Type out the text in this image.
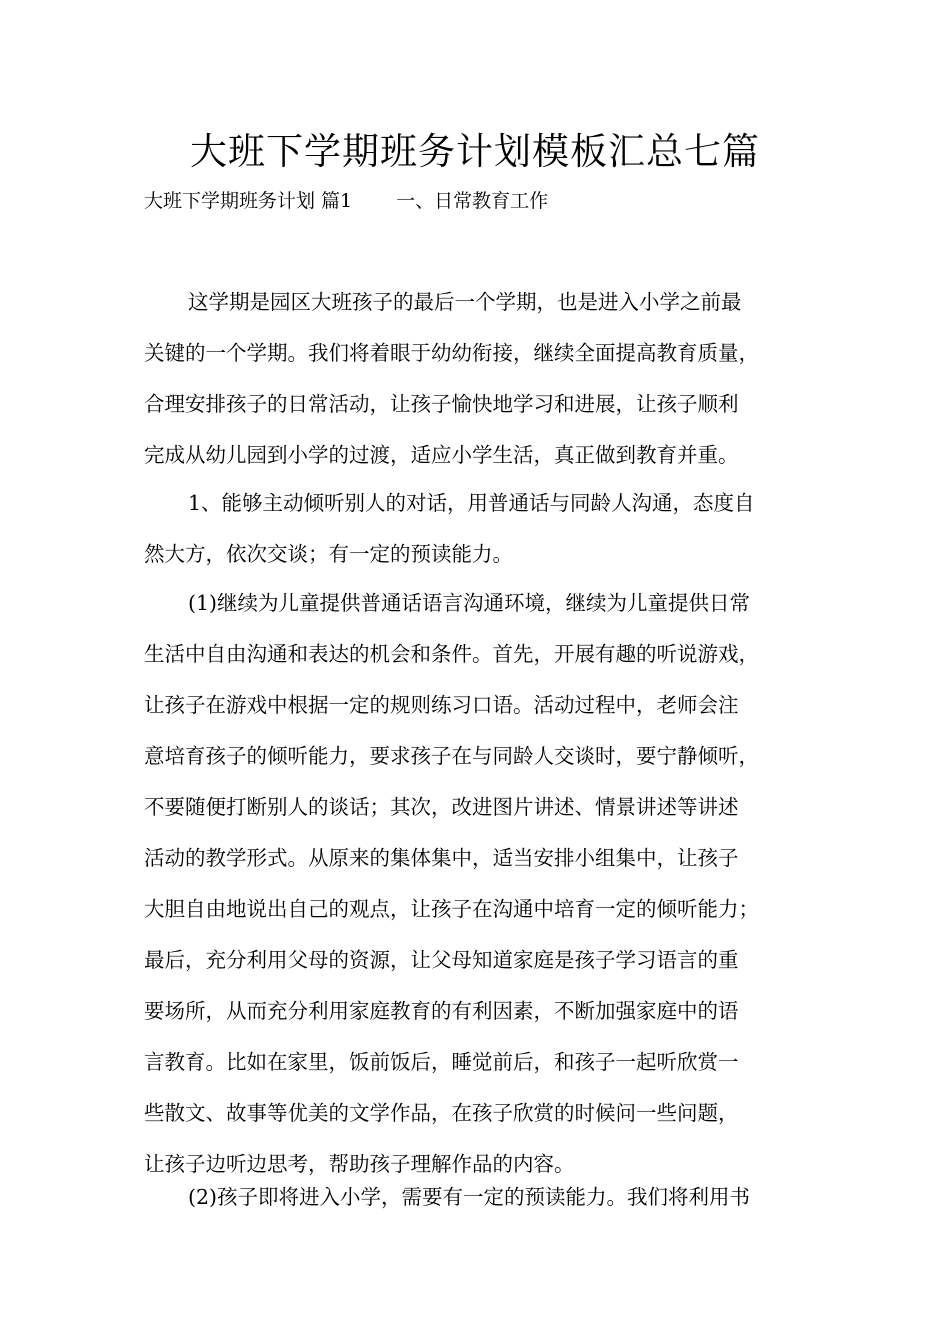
大班下学期班务计划模板汇总七篇
大班下学期班务计划 篇1 一、日常教育工作

这学期是园区大班孩子的最后一个学期，也是进入小学之前最
关键的一个学期。我们将着眼于幼幼衔接，继续全面提高教育质量，
合理安排孩子的日常活动，让孩子愉快地学习和进展，让孩子顺利
完成从幼儿园到小学的过渡，适应小学生活，真正做到教育并重。

1、能够主动倾听别人的对话，用普通话与同龄人沟通，态度自
然大方，依次交谈；有一定的预读能力。

(1)继续为儿童提供普通话语言沟通环境，继续为儿童提供日常
生活中自由沟通和表达的机会和条件。首先，开展有趣的听说游戏，
让孩子在游戏中根据一定的规则练习口语。活动过程中，老师会注
意培育孩子的倾听能力，要求孩子在与同龄人交谈时，要宁静倾听，
不要随便打断别人的谈话；其次，改进图片讲述、情景讲述等讲述
活动的教学形式。从原来的集体集中，适当安排小组集中，让孩子
大胆自由地说出自己的观点，让孩子在沟通中培育一定的倾听能力；
最后，充分利用父母的资源，让父母知道家庭是孩子学习语言的重
要场所，从而充分利用家庭教育的有利因素，不断加强家庭中的语
言教育。比如在家里，饭前饭后，睡觉前后，和孩子一起听欣赏一
些散文、故事等优美的文学作品，在孩子欣赏的时候问一些问题，
让孩子边听边思考，帮助孩子理解作品的内容。

(2)孩子即将进入小学，需要有一定的预读能力。我们将利用书
